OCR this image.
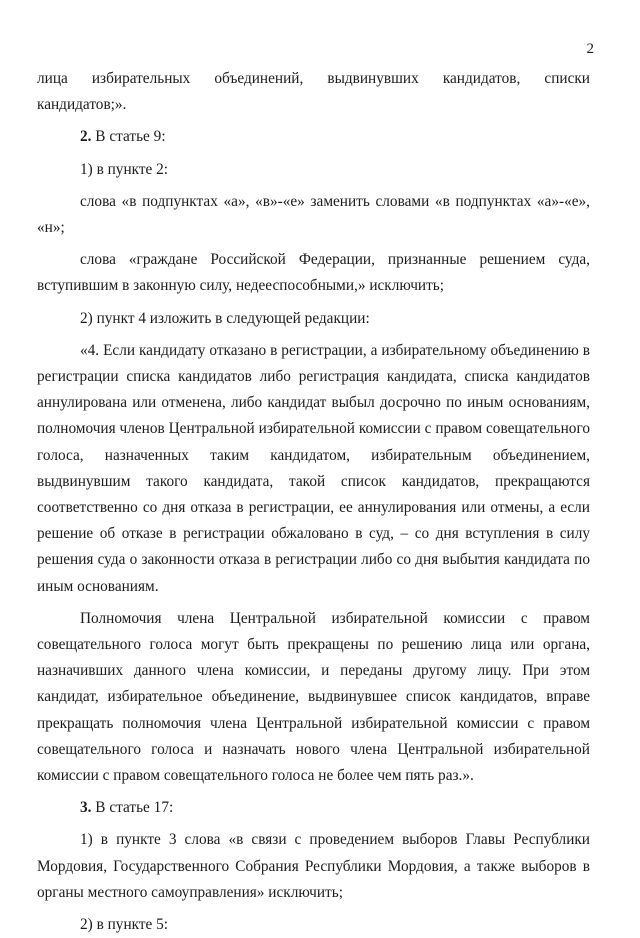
2
лица избирательных объединений, выдвинувших кандидатов, списки

кандидатов;».

2. В статье 9:

1) в пункте 2:

слова «в подпунктах «а», «в»-«е» заменить словами «в подпунктах «а»-«е», «н»;

слова «граждане Российской Федерации, признанные решением суда, вступившим в законную силу, недееспособными,» исключить;

2) пункт 4 изложить в следующей редакции:

«4. Если кандидату отказано в регистрации, а избирательному объединению в регистрации списка кандидатов либо регистрация кандидата, списка кандидатов аннулирована или отменена, либо кандидат выбыл досрочно по иным основаниям, полномочия членов Центральной избирательной комиссии с правом совещательного голоса, назначенных таким кандидатом, избирательным объединением, выдвинувшим такого кандидата, такой список кандидатов, прекращаются соответственно со дня отказа в регистрации, ее аннулирования или отмены, а если решение об отказе в регистрации обжаловано в суд, – со дня вступления в силу решения суда о законности отказа в регистрации либо со дня выбытия кандидата по иным основаниям.

Полномочия члена Центральной избирательной комиссии с правом совещательного голоса могут быть прекращены по решению лица или органа, назначивших данного члена комиссии, и переданы другому лицу. При этом кандидат, избирательное объединение, выдвинувшее список кандидатов, вправе прекращать полномочия члена Центральной избирательной комиссии с правом совещательного голоса и назначать нового члена Центральной избирательной комиссии с правом совещательного голоса не более чем пять раз.».

3. В статье 17:

1) в пункте 3 слова «в связи с проведением выборов Главы Республики Мордовия, Государственного Собрания Республики Мордовия, а также выборов в органы местного самоуправления» исключить;

2) в пункте 5:
